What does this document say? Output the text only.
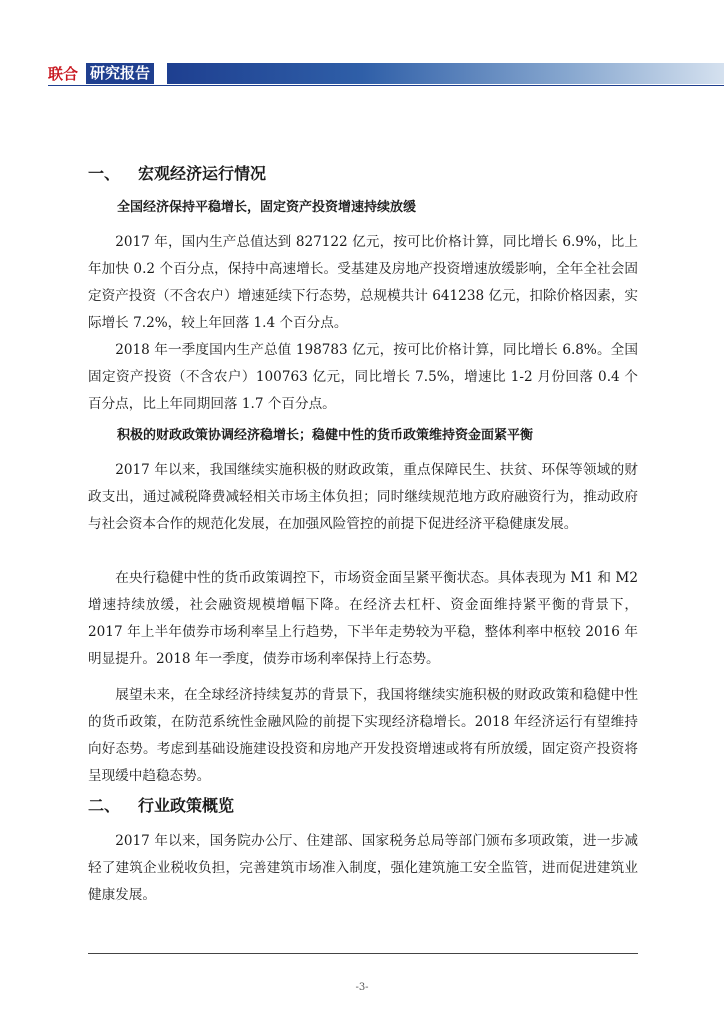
联合 研究报告
一、 宏观经济运行情况
全国经济保持平稳增长，固定资产投资增速持续放缓

2017 年，国内生产总值达到 827122 亿元，按可比价格计算，同比增长 6.9%，比上年加快 0.2 个百分点，保持中高速增长。受基建及房地产投资增速放缓影响，全年全社会固定资产投资（不含农户）增速延续下行态势，总规模共计 641238 亿元，扣除价格因素，实际增长 7.2%，较上年回落 1.4 个百分点。

2018 年一季度国内生产总值 198783 亿元，按可比价格计算，同比增长 6.8%。全国固定资产投资（不含农户）100763 亿元，同比增长 7.5%，增速比 1-2 月份回落 0.4 个百分点，比上年同期回落 1.7 个百分点。

积极的财政政策协调经济稳增长；稳健中性的货币政策维持资金面紧平衡

2017 年以来，我国继续实施积极的财政政策，重点保障民生、扶贫、环保等领域的财政支出，通过减税降费减轻相关市场主体负担；同时继续规范地方政府融资行为，推动政府与社会资本合作的规范化发展，在加强风险管控的前提下促进经济平稳健康发展。

在央行稳健中性的货币政策调控下，市场资金面呈紧平衡状态。具体表现为 M1 和 M2 增速持续放缓，社会融资规模增幅下降。在经济去杠杆、资金面维持紧平衡的背景下，2017 年上半年债券市场利率呈上行趋势，下半年走势较为平稳，整体利率中枢较 2016 年明显提升。2018 年一季度，债券市场利率保持上行态势。

展望未来，在全球经济持续复苏的背景下，我国将继续实施积极的财政政策和稳健中性的货币政策，在防范系统性金融风险的前提下实现经济稳增长。2018 年经济运行有望维持向好态势。考虑到基础设施建设投资和房地产开发投资增速或将有所放缓，固定资产投资将呈现缓中趋稳态势。

二、 行业政策概览

2017 年以来，国务院办公厅、住建部、国家税务总局等部门颁布多项政策，进一步减轻了建筑企业税收负担，完善建筑市场准入制度，强化建筑施工安全监管，进而促进建筑业健康发展。

-3-
